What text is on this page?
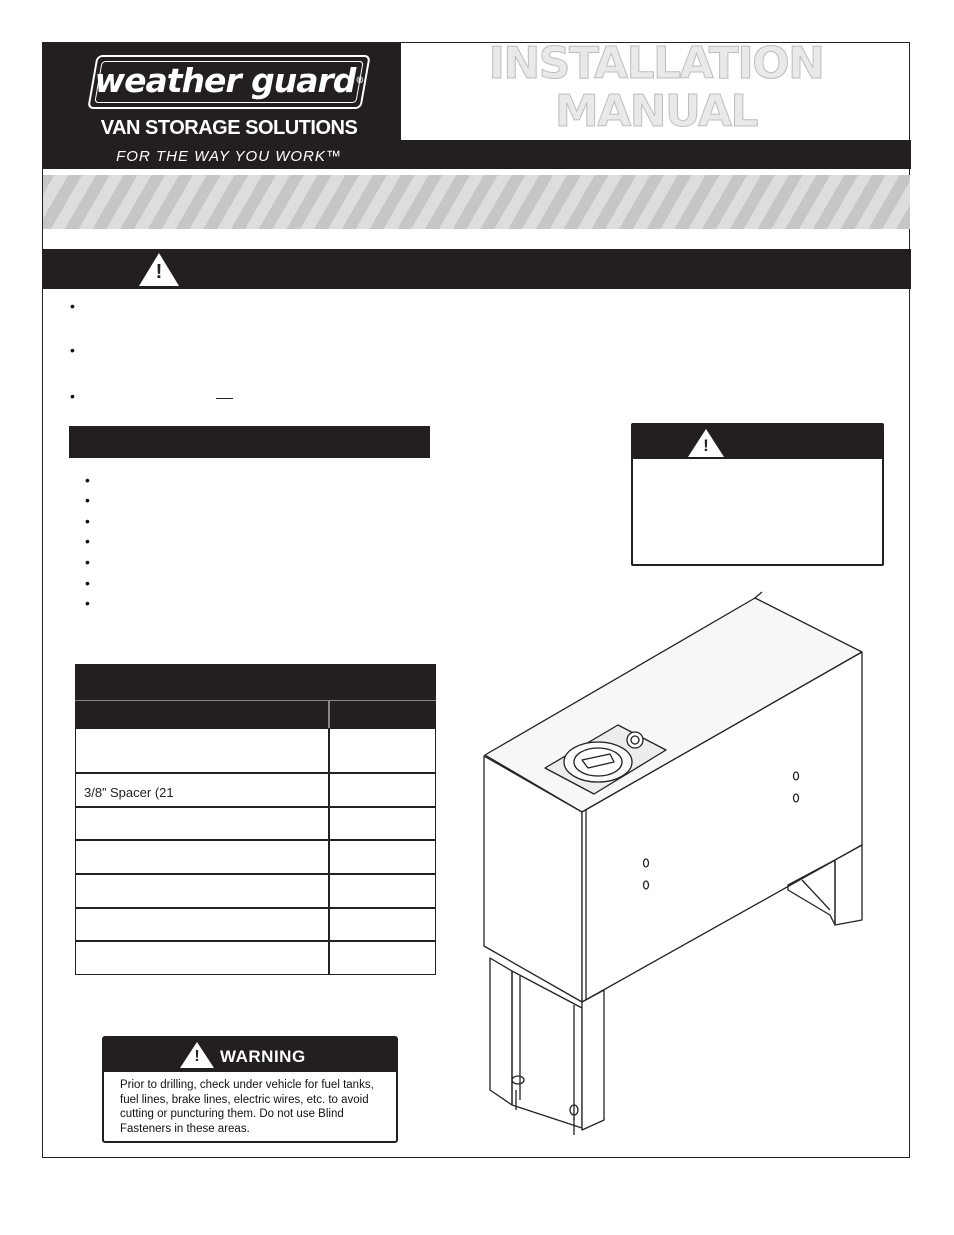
weather guard®
VAN STORAGE SOLUTIONS
FOR THE WAY YOU WORK™
INSTALLATION MANUAL
!
•
•
•
•
•
•
•
•
•
•
!
3/8” Spacer (21
!	WARNING
Prior to drilling, check under vehicle for fuel tanks, fuel lines, brake lines, electric wires, etc. to avoid cutting or puncturing them. Do not use Blind Fasteners in these areas.
